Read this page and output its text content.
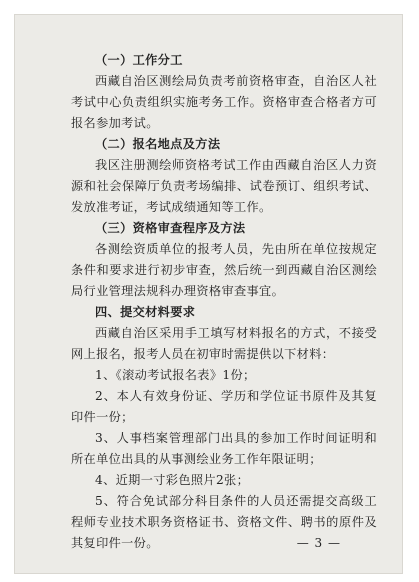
（一）工作分工

西藏自治区测绘局负责考前资格审查，自治区人社考试中心负责组织实施考务工作。资格审查合格者方可报名参加考试。

（二）报名地点及方法

我区注册测绘师资格考试工作由西藏自治区人力资源和社会保障厅负责考场编排、试卷预订、组织考试、发放准考证，考试成绩通知等工作。

（三）资格审查程序及方法

各测绘资质单位的报考人员，先由所在单位按规定条件和要求进行初步审查，然后统一到西藏自治区测绘局行业管理法规科办理资格审查事宜。

四、提交材料要求

西藏自治区采用手工填写材料报名的方式，不接受网上报名，报考人员在初审时需提供以下材料：

1、《滚动考试报名表》1份；

2、本人有效身份证、学历和学位证书原件及其复印件一份；

3、人事档案管理部门出具的参加工作时间证明和所在单位出具的从事测绘业务工作年限证明；

4、近期一寸彩色照片2张；

5、符合免试部分科目条件的人员还需提交高级工程师专业技术职务资格证书、资格文件、聘书的原件及其复印件一份。	— 3 —
